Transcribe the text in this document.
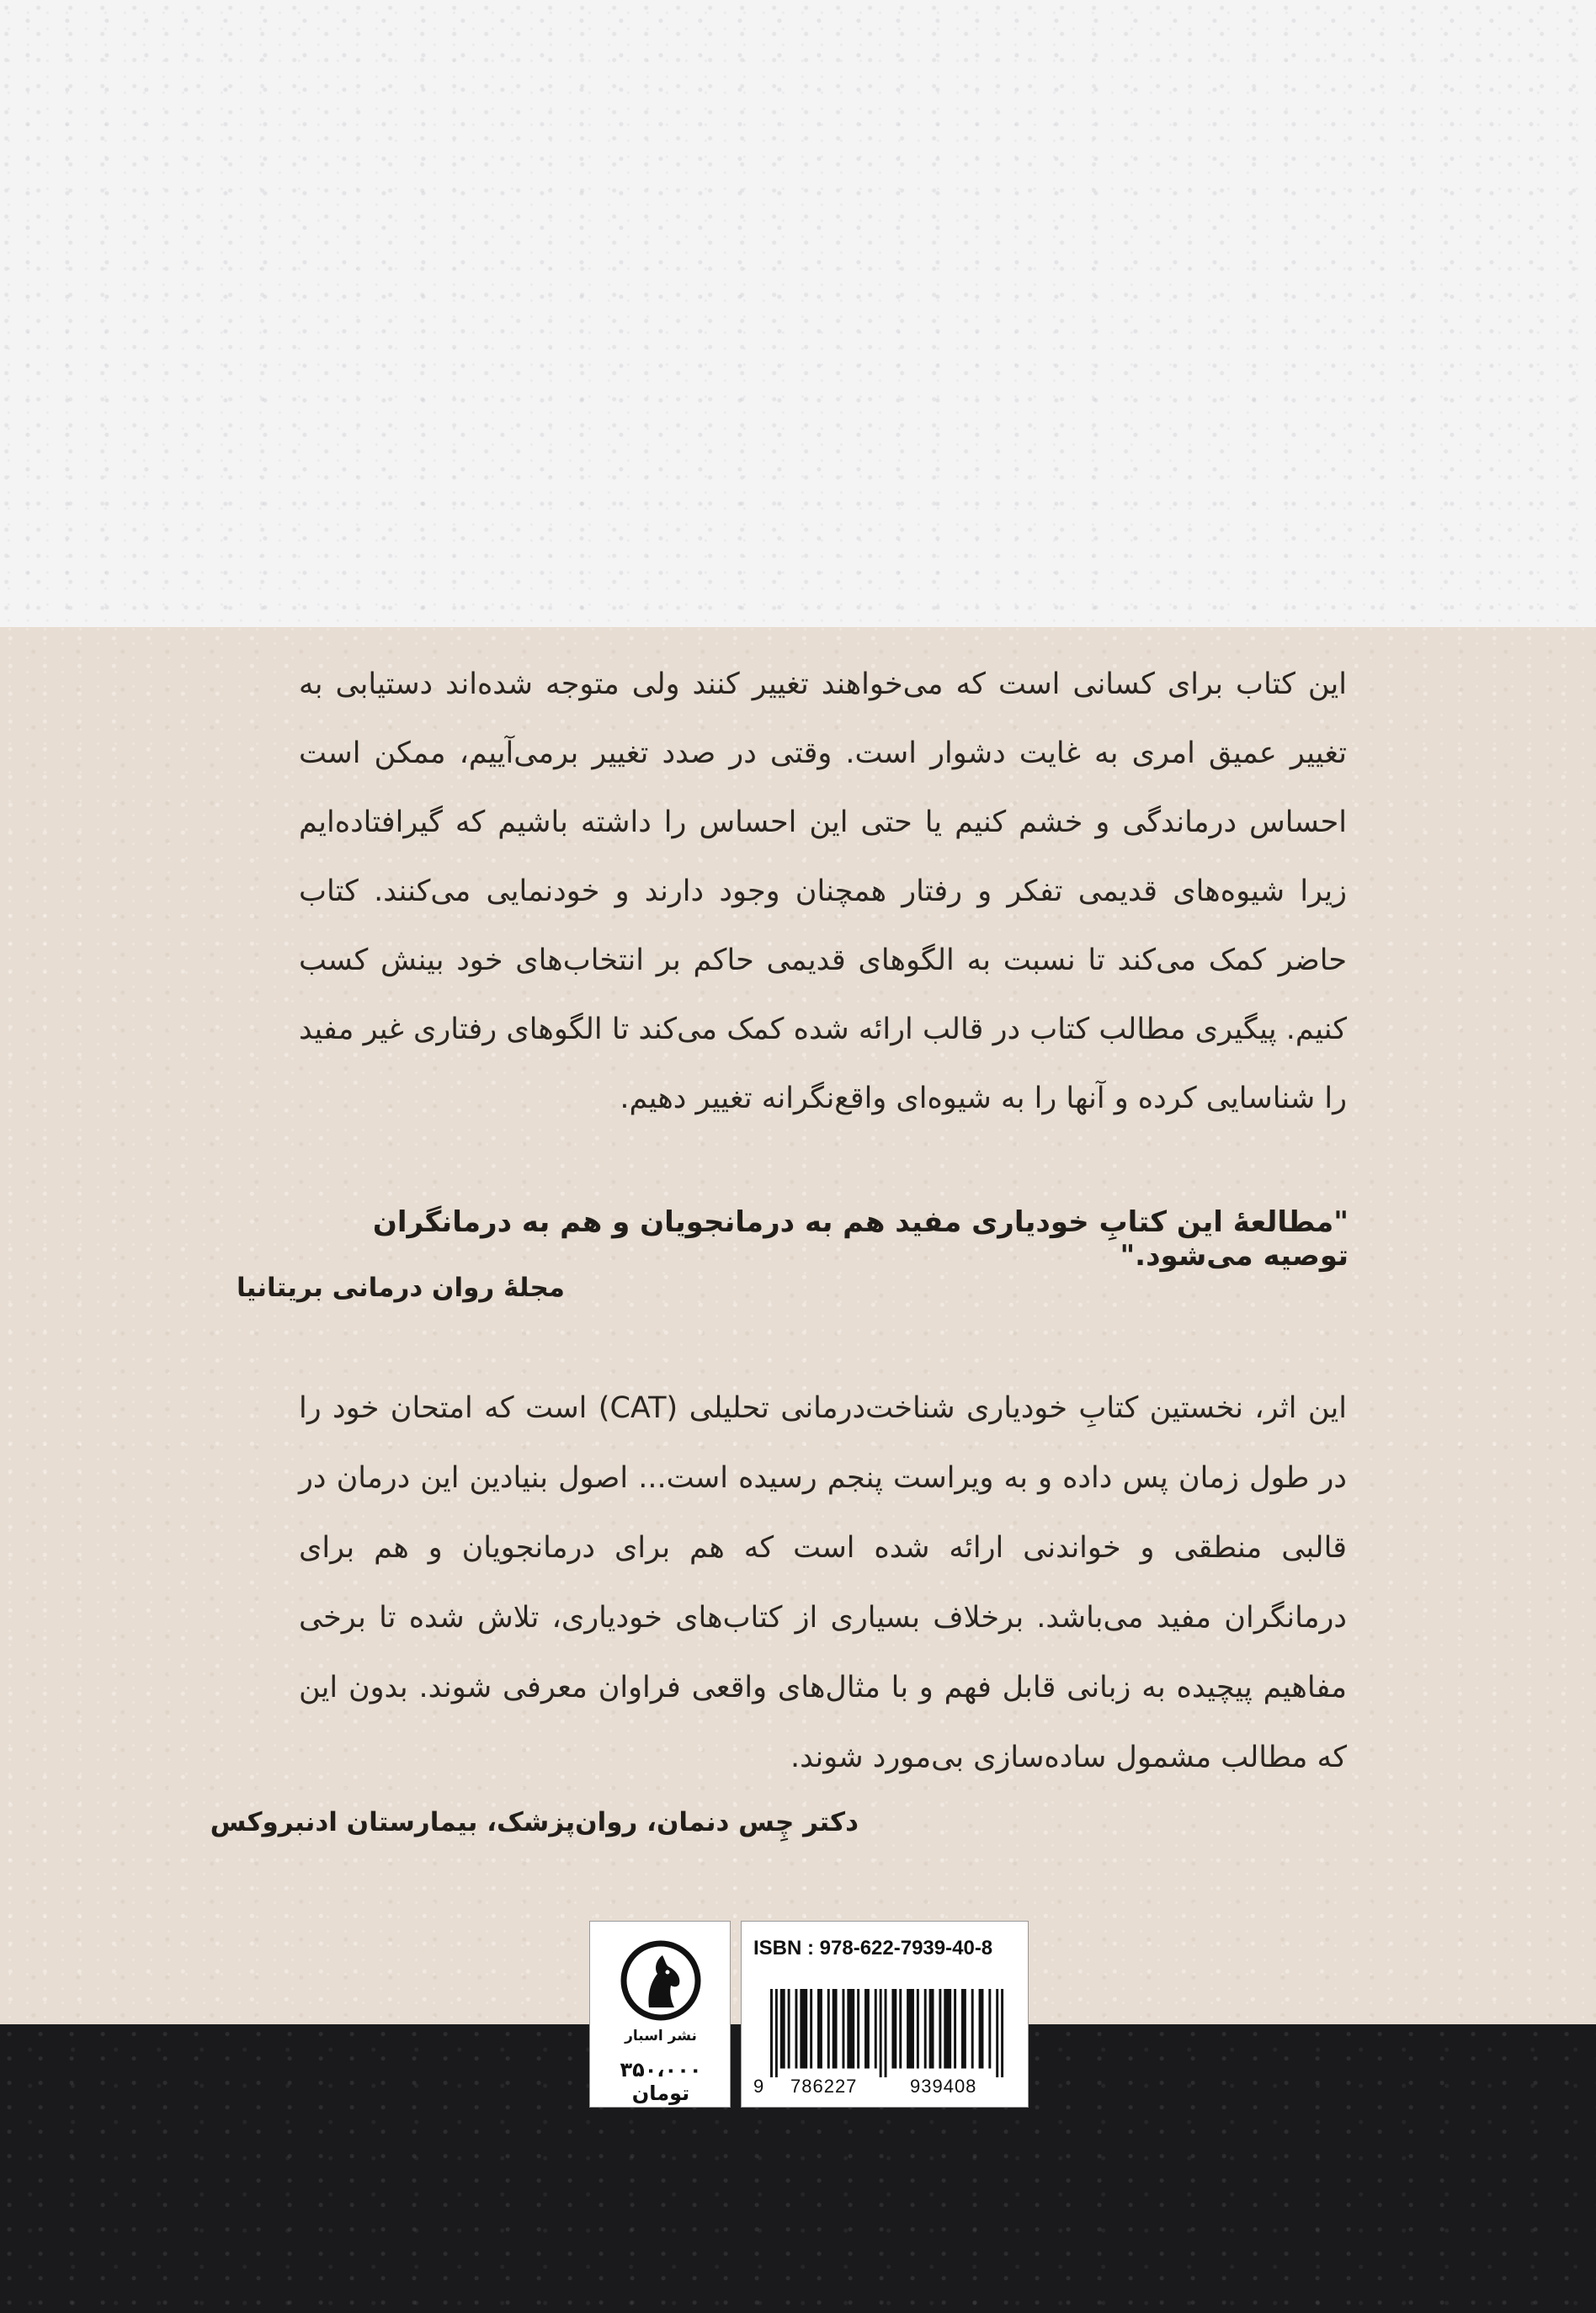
این کتاب برای کسانی است که می‌خواهند تغییر کنند ولی متوجه شده‌اند دستیابی به تغییر عمیق امری به غایت دشوار است. وقتی در صدد تغییر برمی‌آییم، ممکن است احساس درماندگی و خشم کنیم یا حتی این احساس را داشته باشیم که گیرافتاده‌ایم زیرا شیوه‌های قدیمی تفکر و رفتار همچنان وجود دارند و خودنمایی می‌کنند. کتاب حاضر کمک می‌کند تا نسبت به الگوهای قدیمی حاکم بر انتخاب‌های خود بینش کسب کنیم. پیگیری مطالب کتاب در قالب ارائه شده کمک می‌کند تا الگوهای رفتاری غیر مفید را شناسایی کرده و آنها را به شیوه‌ای واقع‌نگرانه تغییر دهیم.

"مطالعهٔ این کتابِ خودیاری مفید هم به درمانجویان و هم به درمانگران توصیه می‌شود."

مجلهٔ روان درمانی بریتانیا

این اثر، نخستین کتابِ خودیاری شناخت‌درمانی تحلیلی (CAT) است که امتحان خود را در طول زمان پس داده و به ویراست پنجم رسیده است... اصول بنیادین این درمان در قالبی منطقی و خواندنی ارائه شده است که هم برای درمانجویان و هم برای درمانگران مفید می‌باشد. برخلاف بسیاری از کتاب‌های خودیاری، تلاش شده تا برخی مفاهیم پیچیده به زبانی قابل فهم و با مثال‌های واقعی فراوان معرفی شوند. بدون این که مطالب مشمول ساده‌سازی بی‌مورد شوند.

دکتر چِس دنمان، روان‌پزشک، بیمارستان ادنبروکس

نشر اسبار
۳۵۰،۰۰۰ تومان
ISBN : 978-622-7939-40-8
9 786227	939408
